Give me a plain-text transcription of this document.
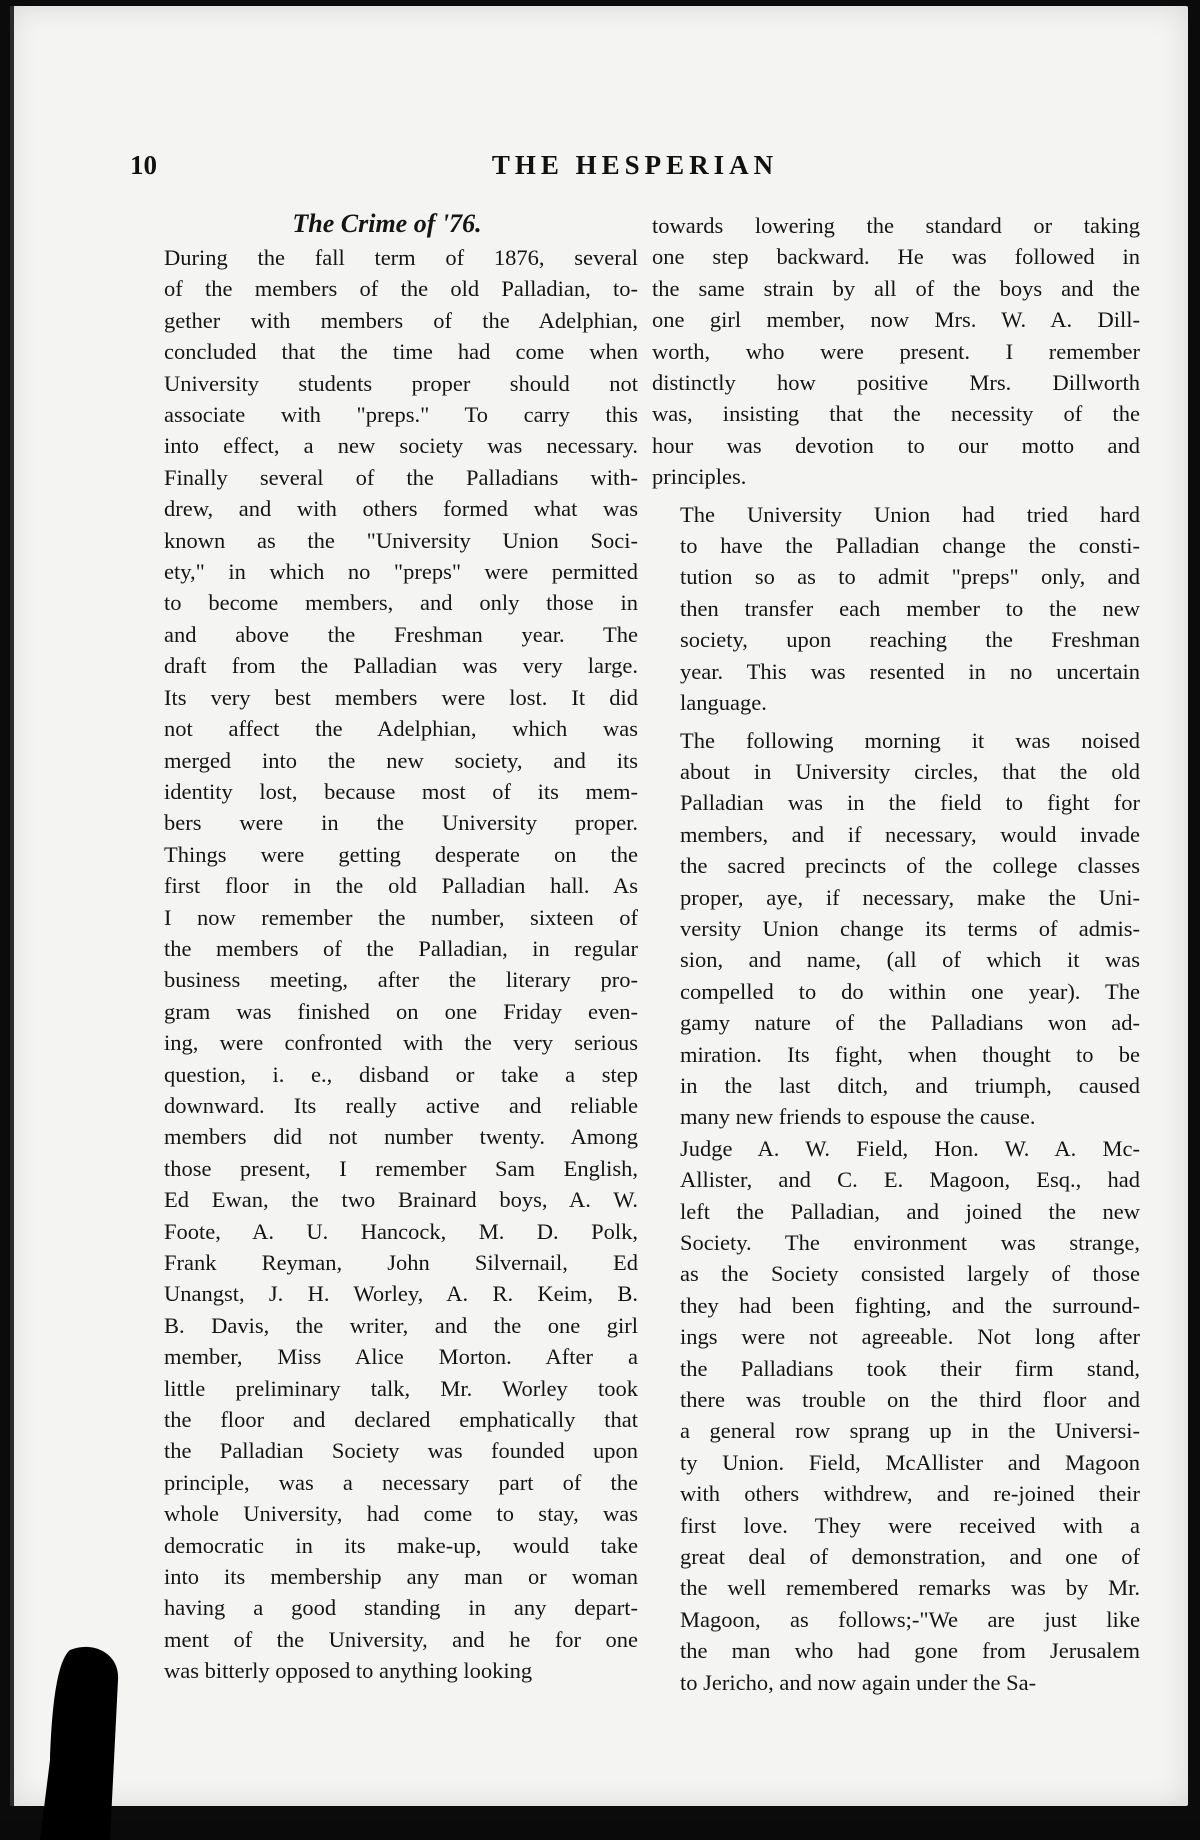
10	THE HESPERIAN
The Crime of '76.

During the fall term of 1876, several
of the members of the old Palladian, to-
gether with members of the Adelphian,
concluded that the time had come when
University students proper should not
associate with "preps." To carry this
into effect, a new society was necessary.
Finally several of the Palladians with-
drew, and with others formed what was
known as the "University Union Soci-
ety," in which no "preps" were permitted
to become members, and only those in
and above the Freshman year. The
draft from the Palladian was very large.
Its very best members were lost. It did
not affect the Adelphian, which was
merged into the new society, and its
identity lost, because most of its mem-
bers were in the University proper.
Things were getting desperate on the
first floor in the old Palladian hall. As
I now remember the number, sixteen of
the members of the Palladian, in regular
business meeting, after the literary pro-
gram was finished on one Friday even-
ing, were confronted with the very serious
question, i. e., disband or take a step
downward. Its really active and reliable
members did not number twenty. Among
those present, I remember Sam English,
Ed Ewan, the two Brainard boys, A. W.
Foote, A. U. Hancock, M. D. Polk,
Frank Reyman, John Silvernail, Ed
Unangst, J. H. Worley, A. R. Keim, B.
B. Davis, the writer, and the one girl
member, Miss Alice Morton. After a
little preliminary talk, Mr. Worley took
the floor and declared emphatically that
the Palladian Society was founded upon
principle, was a necessary part of the
whole University, had come to stay, was
democratic in its make-up, would take
into its membership any man or woman
having a good standing in any depart-
ment of the University, and he for one
was bitterly opposed to anything looking

towards lowering the standard or taking
one step backward. He was followed in
the same strain by all of the boys and the
one girl member, now Mrs. W. A. Dill-
worth, who were present. I remember
distinctly how positive Mrs. Dillworth
was, insisting that the necessity of the
hour was devotion to our motto and
principles.

The University Union had tried hard
to have the Palladian change the consti-
tution so as to admit "preps" only, and
then transfer each member to the new
society, upon reaching the Freshman
year. This was resented in no uncertain
language.

The following morning it was noised
about in University circles, that the old
Palladian was in the field to fight for
members, and if necessary, would invade
the sacred precincts of the college classes
proper, aye, if necessary, make the Uni-
versity Union change its terms of admis-
sion, and name, (all of which it was
compelled to do within one year). The
gamy nature of the Palladians won ad-
miration. Its fight, when thought to be
in the last ditch, and triumph, caused
many new friends to espouse the cause.

Judge A. W. Field, Hon. W. A. Mc-
Allister, and C. E. Magoon, Esq., had
left the Palladian, and joined the new
Society. The environment was strange,
as the Society consisted largely of those
they had been fighting, and the surround-
ings were not agreeable. Not long after
the Palladians took their firm stand,
there was trouble on the third floor and
a general row sprang up in the Universi-
ty Union. Field, McAllister and Magoon
with others withdrew, and re-joined their
first love. They were received with a
great deal of demonstration, and one of
the well remembered remarks was by Mr.
Magoon, as follows;-"We are just like
the man who had gone from Jerusalem
to Jericho, and now again under the Sa-
